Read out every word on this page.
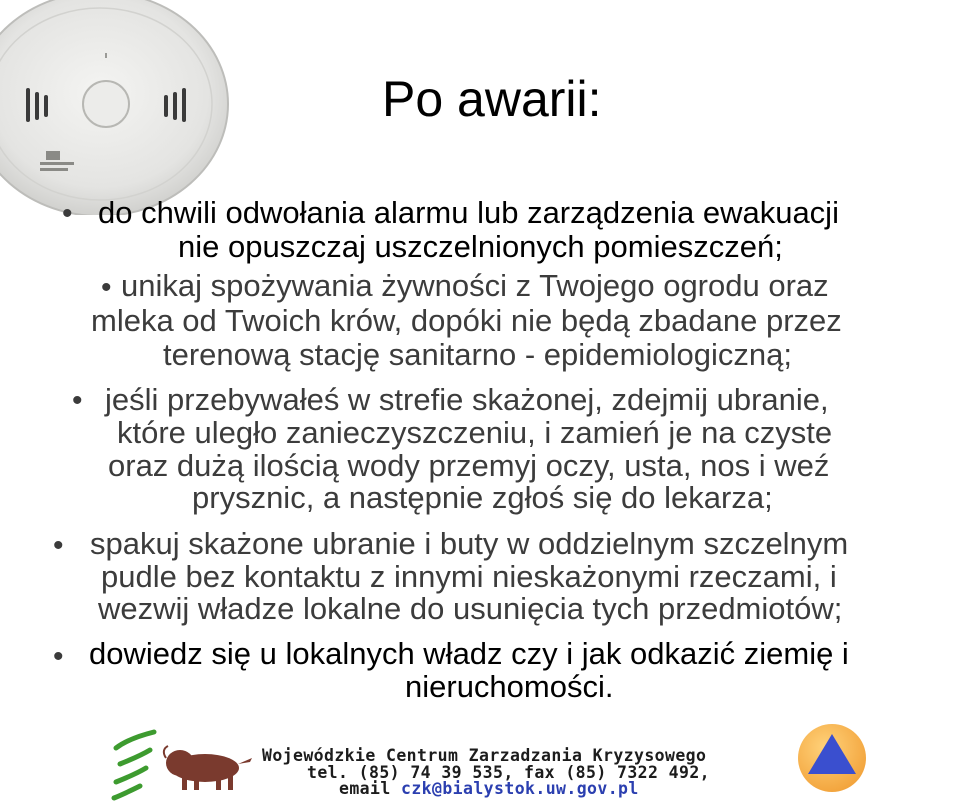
Po awarii:
• do chwili odwołania alarmu lub zarządzenia ewakuacji
nie opuszczaj uszczelnionych pomieszczeń;
• unikaj spożywania żywności z Twojego ogrodu oraz
mleka od Twoich krów, dopóki nie będą zbadane przez
terenową stację sanitarno - epidemiologiczną;
• jeśli przebywałeś w strefie skażonej, zdejmij ubranie,
które uległo zanieczyszczeniu, i zamień je na czyste
oraz dużą ilością wody przemyj oczy, usta, nos i weź
prysznic, a następnie zgłoś się do lekarza;
• spakuj skażone ubranie i buty w oddzielnym szczelnym
pudle bez kontaktu z innymi nieskażonymi rzeczami, i
wezwij władze lokalne do usunięcia tych przedmiotów;
• dowiedz się u lokalnych władz czy i jak odkazić ziemię i
nieruchomości.
Wojewódzkie Centrum Zarzadzania Kryzysowego
tel. (85) 74 39 535, fax (85) 7322 492,
email czk@bialystok.uw.gov.pl
